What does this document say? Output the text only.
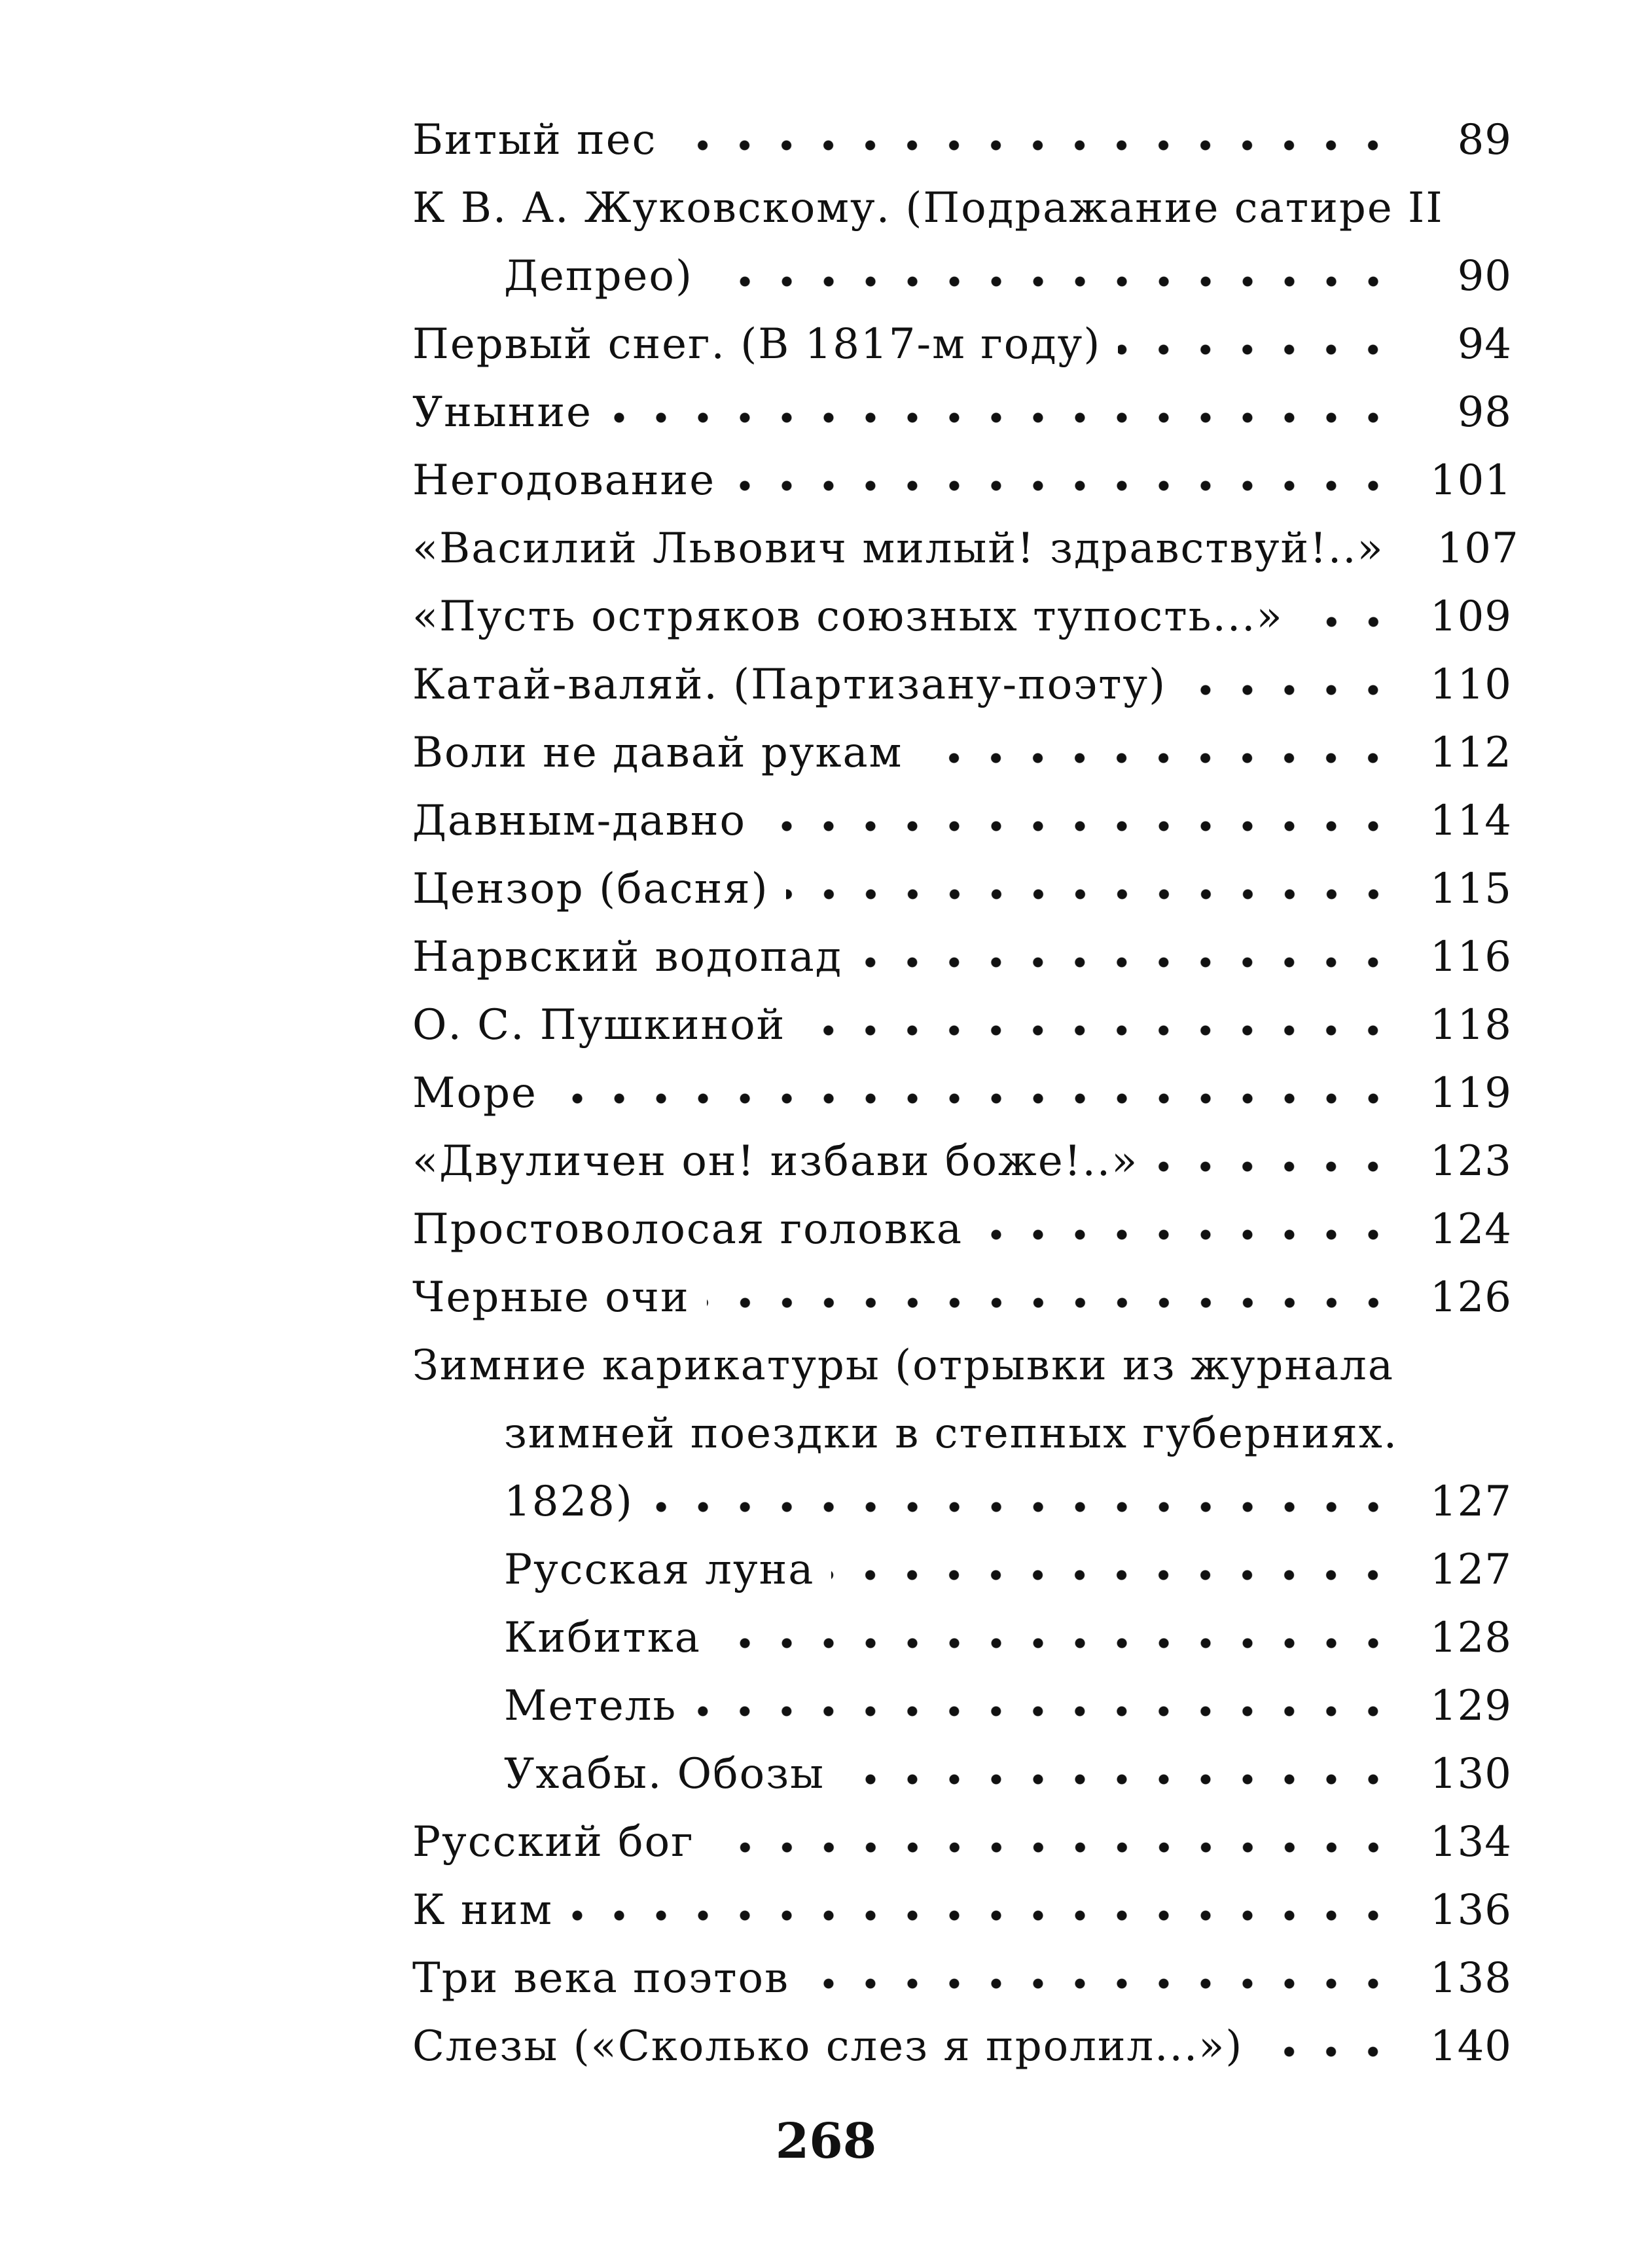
Битый пес	89
К В. А. Жуковскому. (Подражание сатире II
Депрео)	90
Первый снег. (В 1817-м году)	94
Уныние	98
Негодование	101
«Василий Львович милый! здравствуй!..» 107
«Пусть остряков союзных тупость...»	109
Катай-валяй. (Партизану-поэту)	110
Воли не давай рукам	112
Давным-давно	114
Цензор (басня)	115
Нарвский водопад	116
О. С. Пушкиной	118
Море	119
«Двуличен он! избави боже!..»	123
Простоволосая головка	124
Черные очи	126
Зимние карикатуры (отрывки из журнала
зимней поездки в степных губерниях.
1828)	127
Русская луна	127
Кибитка	128
Метель	129
Ухабы. Обозы	130
Русский бог	134
К ним	136
Три века поэтов	138
Слезы («Сколько слез я пролил...»)	140
268
